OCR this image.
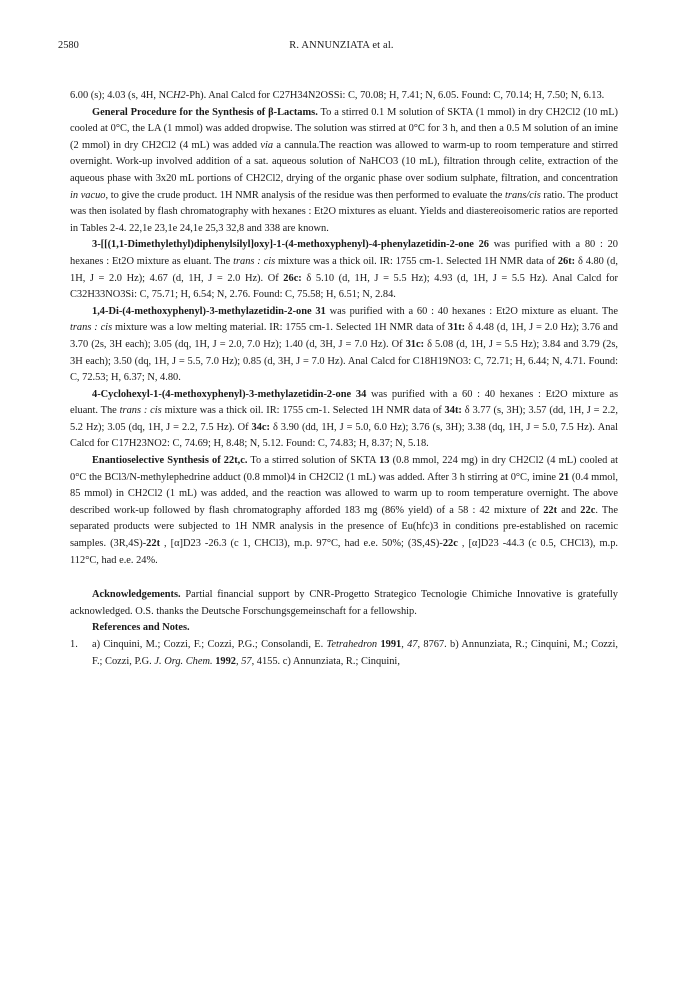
2580	R. ANNUNZIATA et al.

6.00 (s); 4.03 (s, 4H, NCH2-Ph). Anal Calcd for C27H34N2OSSi: C, 70.08; H, 7.41; N, 6.05. Found: C, 70.14; H, 7.50; N, 6.13.

General Procedure for the Synthesis of β-Lactams. To a stirred 0.1 M solution of SKTA (1 mmol) in dry CH2Cl2 (10 mL) cooled at 0°C, the LA (1 mmol) was added dropwise. The solution was stirred at 0°C for 3 h, and then a 0.5 M solution of an imine (2 mmol) in dry CH2Cl2 (4 mL) was added via a cannula.The reaction was allowed to warm-up to room temperature and stirred overnight. Work-up involved addition of a sat. aqueous solution of NaHCO3 (10 mL), filtration through celite, extraction of the aqueous phase with 3x20 mL portions of CH2Cl2, drying of the organic phase over sodium sulphate, filtration, and concentration in vacuo, to give the crude product. 1H NMR analysis of the residue was then performed to evaluate the trans/cis ratio. The product was then isolated by flash chromatography with hexanes : Et2O mixtures as eluant. Yields and diastereoisomeric ratios are reported in Tables 2-4. 22,1e 23,1e 24,1e 25,3 32,8 and 338 are known.

3-[[(1,1-Dimethylethyl)diphenylsilyl]oxy]-1-(4-methoxyphenyl)-4-phenylazetidin-2-one 26 was purified with a 80 : 20 hexanes : Et2O mixture as eluant. The trans : cis mixture was a thick oil. IR: 1755 cm-1. Selected 1H NMR data of 26t: δ 4.80 (d, 1H, J = 2.0 Hz); 4.67 (d, 1H, J = 2.0 Hz). Of 26c: δ 5.10 (d, 1H, J = 5.5 Hz); 4.93 (d, 1H, J = 5.5 Hz). Anal Calcd for C32H33NO3Si: C, 75.71; H, 6.54; N, 2.76. Found: C, 75.58; H, 6.51; N, 2.84.

1,4-Di-(4-methoxyphenyl)-3-methylazetidin-2-one 31 was purified with a 60 : 40 hexanes : Et2O mixture as eluant. The trans : cis mixture was a low melting material. IR: 1755 cm-1. Selected 1H NMR data of 31t: δ 4.48 (d, 1H, J = 2.0 Hz); 3.76 and 3.70 (2s, 3H each); 3.05 (dq, 1H, J = 2.0, 7.0 Hz); 1.40 (d, 3H, J = 7.0 Hz). Of 31c: δ 5.08 (d, 1H, J = 5.5 Hz); 3.84 and 3.79 (2s, 3H each); 3.50 (dq, 1H, J = 5.5, 7.0 Hz); 0.85 (d, 3H, J = 7.0 Hz). Anal Calcd for C18H19NO3: C, 72.71; H, 6.44; N, 4.71. Found: C, 72.53; H, 6.37; N, 4.80.

4-Cyclohexyl-1-(4-methoxyphenyl)-3-methylazetidin-2-one 34 was purified with a 60 : 40 hexanes : Et2O mixture as eluant. The trans : cis mixture was a thick oil. IR: 1755 cm-1. Selected 1H NMR data of 34t: δ 3.77 (s, 3H); 3.57 (dd, 1H, J = 2.2, 5.2 Hz); 3.05 (dq, 1H, J = 2.2, 7.5 Hz). Of 34c: δ 3.90 (dd, 1H, J = 5.0, 6.0 Hz); 3.76 (s, 3H); 3.38 (dq, 1H, J = 5.0, 7.5 Hz). Anal Calcd for C17H23NO2: C, 74.69; H, 8.48; N, 5.12. Found: C, 74.83; H, 8.37; N, 5.18.

Enantioselective Synthesis of 22t,c. To a stirred solution of SKTA 13 (0.8 mmol, 224 mg) in dry CH2Cl2 (4 mL) cooled at 0°C the BCl3/N-methylephedrine adduct (0.8 mmol)4 in CH2Cl2 (1 mL) was added. After 3 h stirring at 0°C, imine 21 (0.4 mmol, 85 mmol) in CH2Cl2 (1 mL) was added, and the reaction was allowed to warm up to room temperature overnight. The above described work-up followed by flash chromatography afforded 183 mg (86% yield) of a 58 : 42 mixture of 22t and 22c. The separated products were subjected to 1H NMR analysis in the presence of Eu(hfc)3 in conditions pre-established on racemic samples. (3R,4S)-22t , [α]D23 -26.3 (c 1, CHCl3), m.p. 97°C, had e.e. 50%; (3S,4S)-22c , [α]D23 -44.3 (c 0.5, CHCl3), m.p. 112°C, had e.e. 24%.

Acknowledgements. Partial financial support by CNR-Progetto Strategico Tecnologie Chimiche Innovative is gratefully acknowledged. O.S. thanks the Deutsche Forschungsgemeinschaft for a fellowship.

References and Notes.

1.	a) Cinquini, M.; Cozzi, F.; Cozzi, P.G.; Consolandi, E. Tetrahedron 1991, 47, 8767. b) Annunziata, R.; Cinquini, M.; Cozzi, F.; Cozzi, P.G. J. Org. Chem. 1992, 57, 4155. c) Annunziata, R.; Cinquini,
